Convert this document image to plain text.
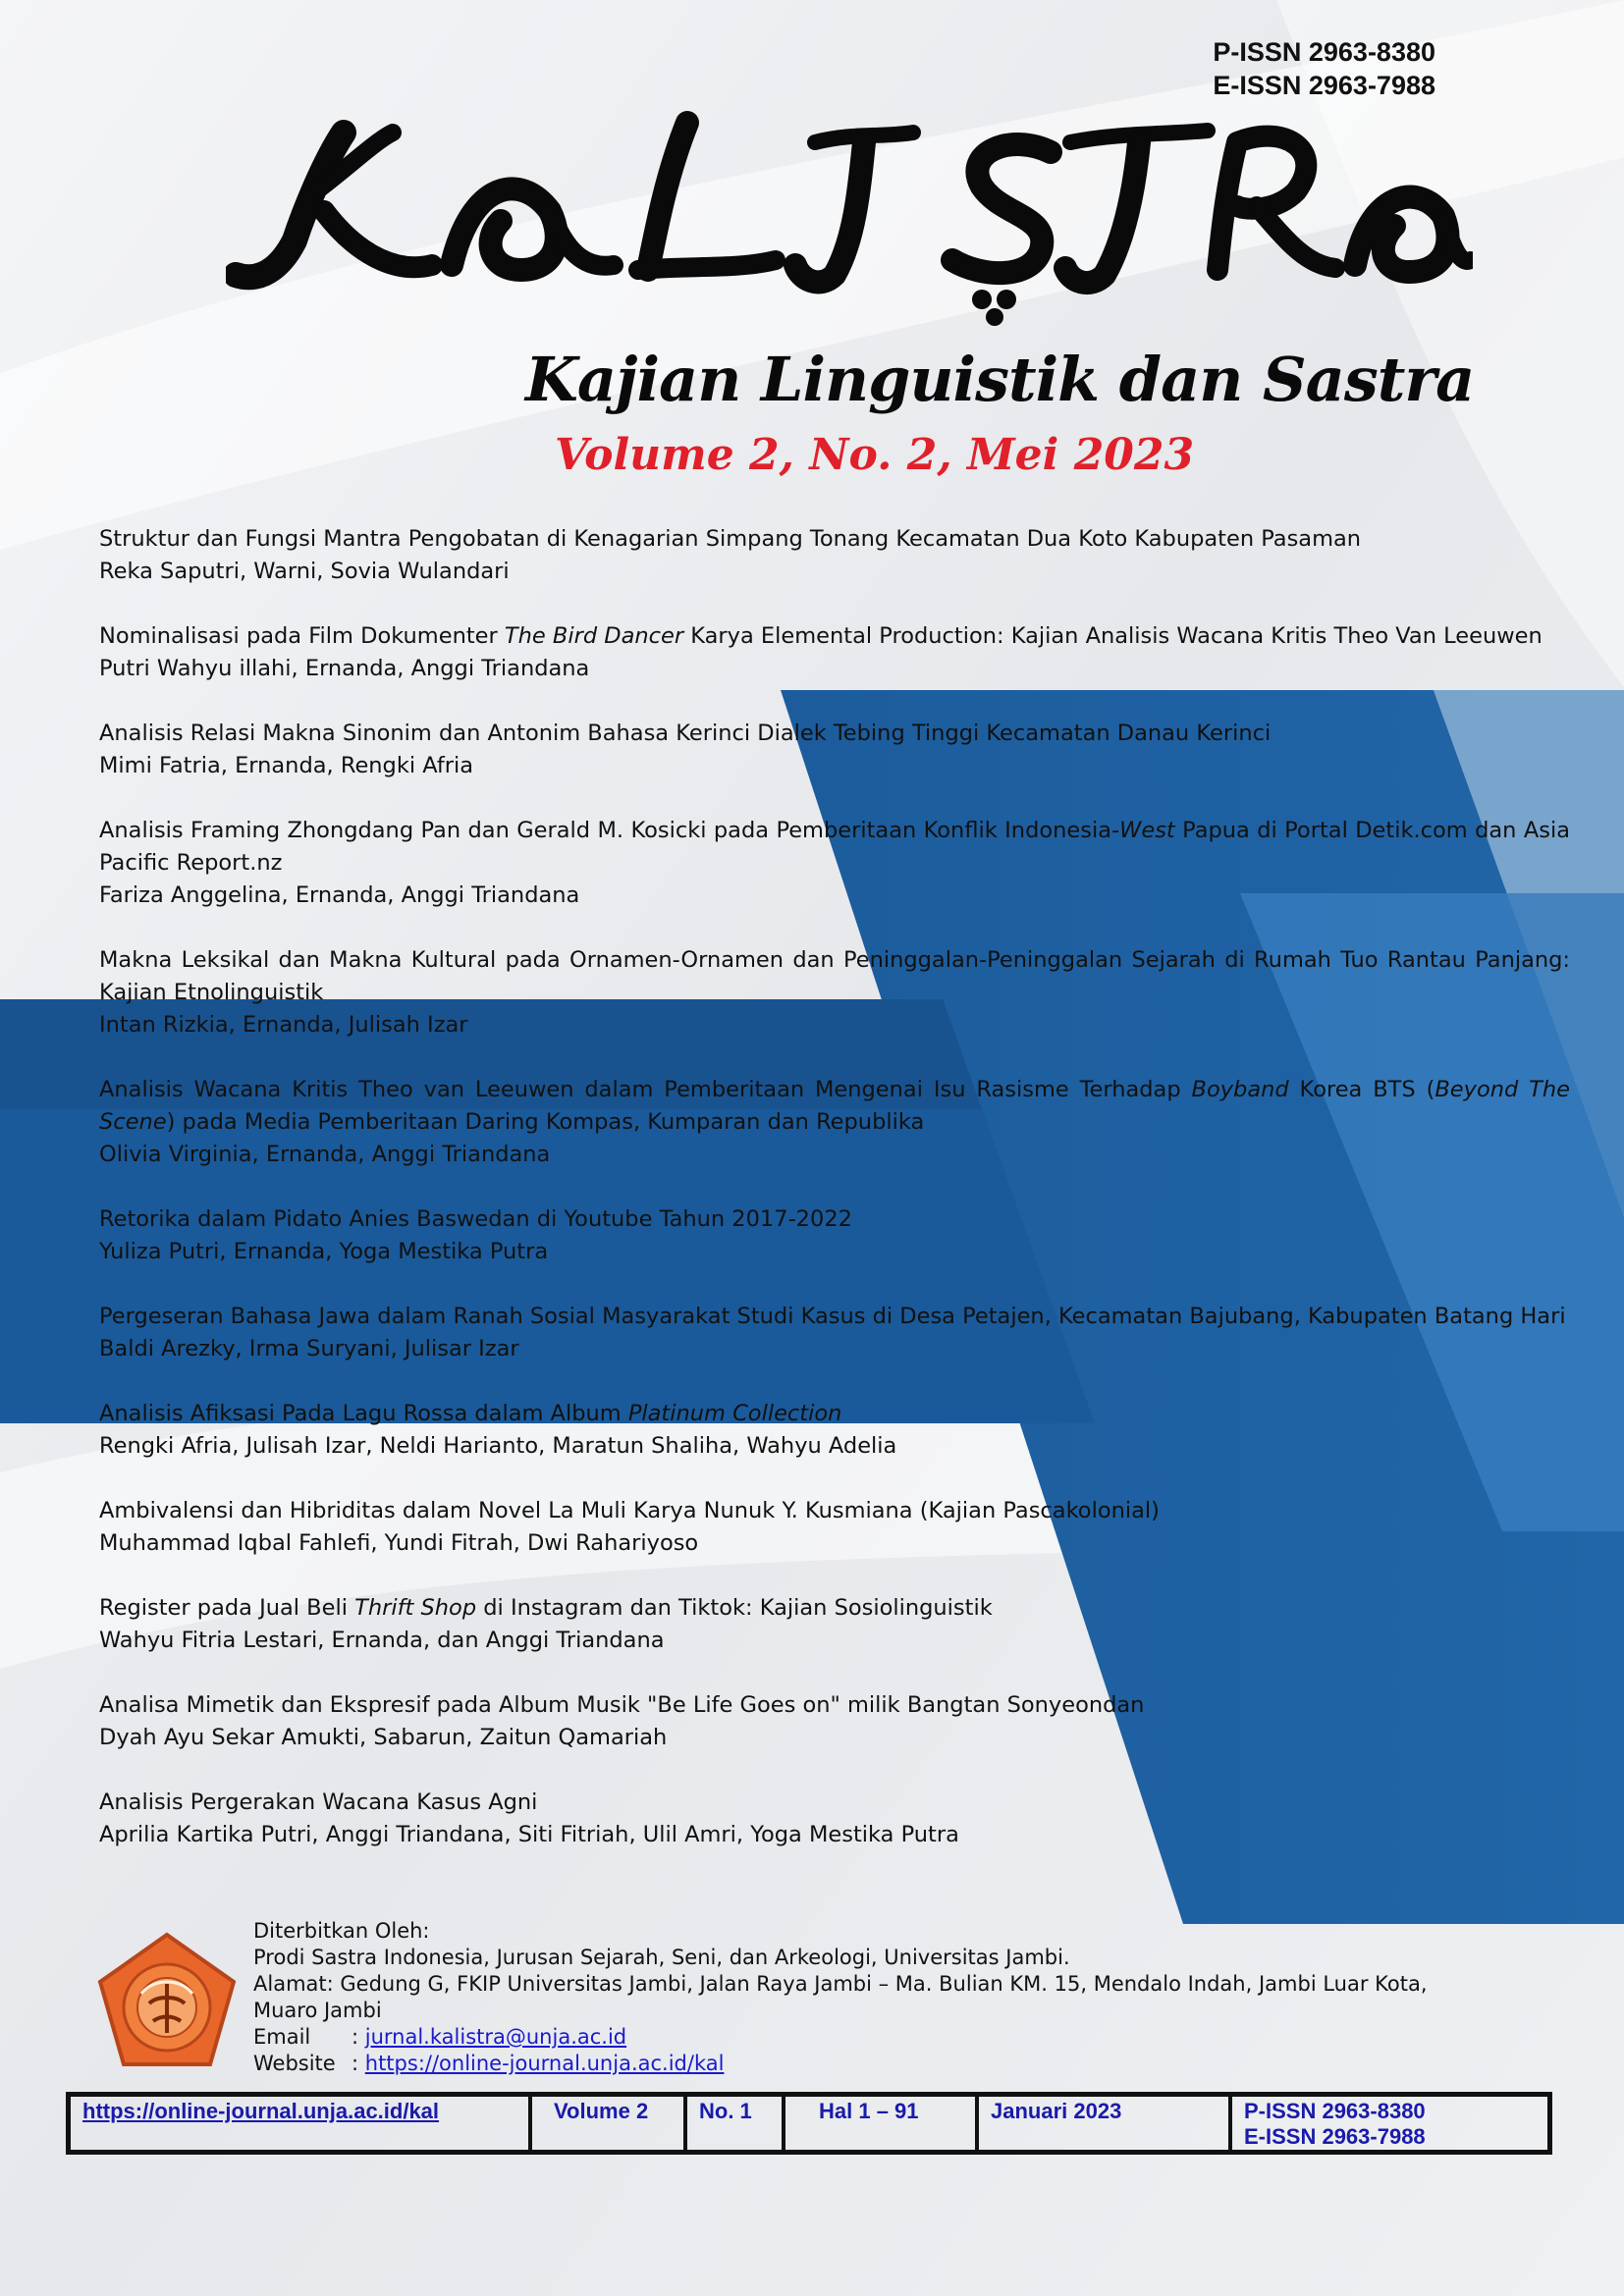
P-ISSN 2963-8380
E-ISSN 2963-7988
Kajian Linguistik dan Sastra
Volume 2, No. 2, Mei 2023
Struktur dan Fungsi Mantra Pengobatan di Kenagarian Simpang Tonang Kecamatan Dua Koto Kabupaten Pasaman
Reka Saputri, Warni, Sovia Wulandari
Nominalisasi pada Film Dokumenter The Bird Dancer Karya Elemental Production: Kajian Analisis Wacana Kritis Theo Van Leeuwen
Putri Wahyu illahi, Ernanda, Anggi Triandana
Analisis Relasi Makna Sinonim dan Antonim Bahasa Kerinci Dialek Tebing Tinggi Kecamatan Danau Kerinci
Mimi Fatria, Ernanda, Rengki Afria
Analisis Framing Zhongdang Pan dan Gerald M. Kosicki pada Pemberitaan Konflik Indonesia-West Papua di Portal Detik.com dan Asia Pacific Report.nz
Fariza Anggelina, Ernanda, Anggi Triandana
Makna Leksikal dan Makna Kultural pada Ornamen-Ornamen dan Peninggalan-Peninggalan Sejarah di Rumah Tuo Rantau Panjang: Kajian Etnolinguistik
Intan Rizkia, Ernanda, Julisah Izar
Analisis Wacana Kritis Theo van Leeuwen dalam Pemberitaan Mengenai Isu Rasisme Terhadap Boyband Korea BTS (Beyond The Scene) pada Media Pemberitaan Daring Kompas, Kumparan dan Republika
Olivia Virginia, Ernanda, Anggi Triandana
Retorika dalam Pidato Anies Baswedan di Youtube Tahun 2017-2022
Yuliza Putri, Ernanda, Yoga Mestika Putra
Pergeseran Bahasa Jawa dalam Ranah Sosial Masyarakat Studi Kasus di Desa Petajen, Kecamatan Bajubang, Kabupaten Batang Hari
Baldi Arezky, Irma Suryani, Julisar Izar
Analisis Afiksasi Pada Lagu Rossa dalam Album Platinum Collection
Rengki Afria, Julisah Izar, Neldi Harianto, Maratun Shaliha, Wahyu Adelia
Ambivalensi dan Hibriditas dalam Novel La Muli Karya Nunuk Y. Kusmiana (Kajian Pascakolonial)
Muhammad Iqbal Fahlefi, Yundi Fitrah, Dwi Rahariyoso
Register pada Jual Beli Thrift Shop di Instagram dan Tiktok: Kajian Sosiolinguistik
Wahyu Fitria Lestari, Ernanda, dan Anggi Triandana
Analisa Mimetik dan Ekspresif pada Album Musik "Be Life Goes on" milik Bangtan Sonyeondan
Dyah Ayu Sekar Amukti, Sabarun, Zaitun Qamariah
Analisis Pergerakan Wacana Kasus Agni
Aprilia Kartika Putri, Anggi Triandana, Siti Fitriah, Ulil Amri, Yoga Mestika Putra
Diterbitkan Oleh:
Prodi Sastra Indonesia, Jurusan Sejarah, Seni, dan Arkeologi, Universitas Jambi.
Alamat: Gedung G, FKIP Universitas Jambi, Jalan Raya Jambi – Ma. Bulian KM. 15, Mendalo Indah, Jambi Luar Kota, Muaro Jambi
Email	: jurnal.kalistra@unja.ac.id
Website : https://online-journal.unja.ac.id/kal
https://online-journal.unja.ac.id/kal	Volume 2	No. 1	Hal 1 – 91	Januari 2023	P-ISSN 2963-8380
E-ISSN 2963-7988
